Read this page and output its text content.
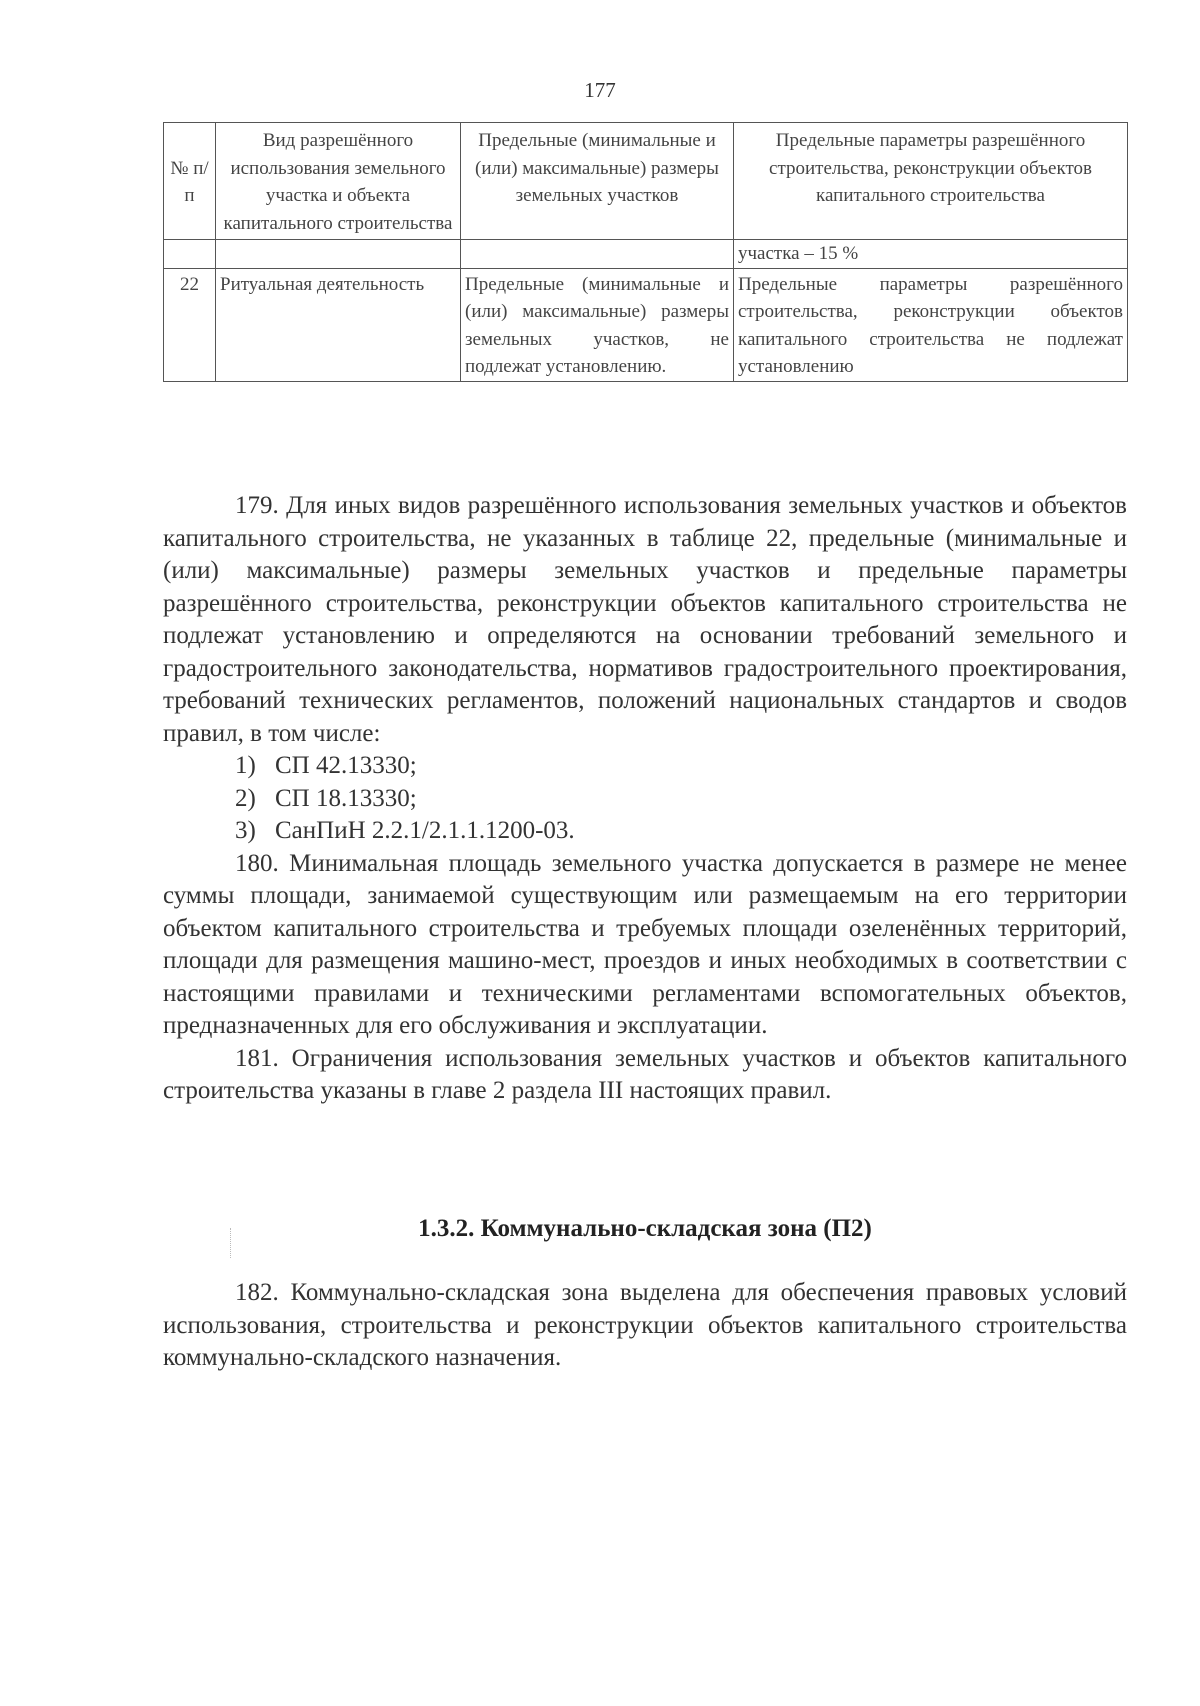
177
№ п/п	Вид разрешённого использования земельного участка и объекта капитального строительства	Предельные (минимальные и (или) максимальные) размеры земельных участков	Предельные параметры разрешённого строительства, реконструкции объектов капитального строительства
			участка – 15 %
22	Ритуальная деятельность	Предельные (минимальные и (или) максимальные) размеры земельных участков, не подлежат установлению.	Предельные параметры разрешённого строительства, реконструкции объектов капитального строительства не подлежат установлению

179. Для иных видов разрешённого использования земельных участков и объектов капитального строительства, не указанных в таблице 22, предельные (минимальные и (или) максимальные) размеры земельных участков и предельные параметры разрешённого строительства, реконструкции объектов капитального строительства не подлежат установлению и определяются на основании требований земельного и градостроительного законодательства, нормативов градостроительного проектирования, требований технических регламентов, положений национальных стандартов и сводов правил, в том числе:

1) СП 42.13330;
2) СП 18.13330;
3) СанПиН 2.2.1/2.1.1.1200-03.

180. Минимальная площадь земельного участка допускается в размере не менее суммы площади, занимаемой существующим или размещаемым на его территории объектом капитального строительства и требуемых площади озеленённых территорий, площади для размещения машино-мест, проездов и иных необходимых в соответствии с настоящими правилами и техническими регламентами вспомогательных объектов, предназначенных для его обслуживания и эксплуатации.

181. Ограничения использования земельных участков и объектов капитального строительства указаны в главе 2 раздела III настоящих правил.

1.3.2. Коммунально-складская зона (П2)

182. Коммунально-складская зона выделена для обеспечения правовых условий использования, строительства и реконструкции объектов капитального строительства коммунально-складского назначения.
